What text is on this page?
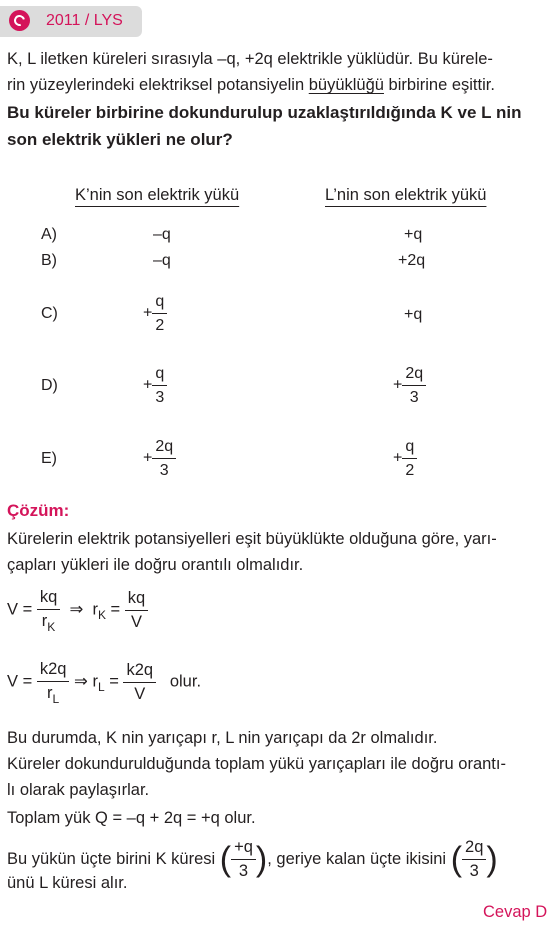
2011 / LYS
K, L iletken küreleri sırasıyla –q, +2q elektrikle yüklüdür. Bu kürele-
rin yüzeylerindeki elektriksel potansiyelin büyüklüğü birbirine eşittir.
Bu küreler birbirine dokundurulup uzaklaştırıldığında K ve L nin
son elektrik yükleri ne olur?
K’nin son elektrik yükü	L’nin son elektrik yükü
A)	–q	+q
B)	–q	+2q
C)	+ $\frac{q}{2}$	+q
D)	+ $\frac{q}{3}$	+ $\frac{2q}{3}$
E)	+ $\frac{2q}{3}$	+ $\frac{q}{2}$
Çözüm:
Kürelerin elektrik potansiyelleri eşit büyüklükte olduğuna göre, yarı-
çapları yükleri ile doğru orantılı olmalıdır.
$V = \frac{kq}{r_K}$ ⇒ $r_K = \frac{kq}{V}$
$V = \frac{k2q}{r_L}$ ⇒ $r_L = \frac{k2q}{V}$ olur.
Bu durumda, K nin yarıçapı r, L nin yarıçapı da 2r olmalıdır.
Küreler dokundurulduğunda toplam yükü yarıçapları ile doğru orantı-
lı olarak paylaşırlar.
Toplam yük Q = –q + 2q = +q olur.
Bu yükün üçte birini K küresi ( $\frac{+q}{3}$ ), geriye kalan üçte ikisini ( $\frac{2q}{3}$ )
ünü L küresi alır.
Cevap D
